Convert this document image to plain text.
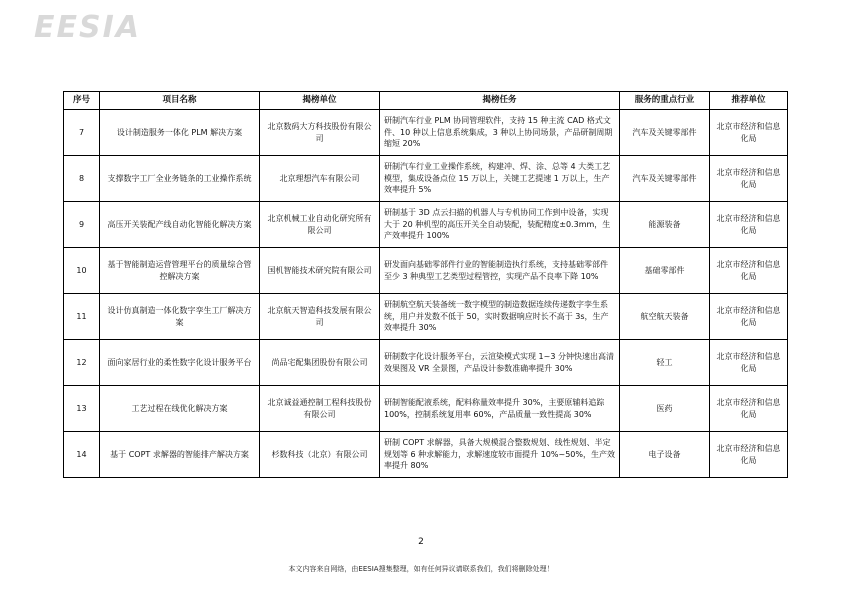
EESIA
序号	项目名称	揭榜单位	揭榜任务	服务的重点行业	推荐单位
7	设计制造服务一体化 PLM 解决方案	北京数码大方科技股份有限公司	研制汽车行业 PLM 协同管理软件，支持 15 种主流 CAD 格式文件、10 种以上信息系统集成，3 种以上协同场景，产品研制周期缩短 20%	汽车及关键零部件	北京市经济和信息化局
8	支撑数字工厂全业务链条的工业操作系统	北京理想汽车有限公司	研制汽车行业工业操作系统，构建冲、焊、涂、总等 4 大类工艺模型，集成设备点位 15 万以上，关键工艺提速 1 万以上，生产效率提升 5%	汽车及关键零部件	北京市经济和信息化局
9	高压开关装配产线自动化智能化解决方案	北京机械工业自动化研究所有限公司	研制基于 3D 点云扫描的机器人与专机协同工作到中设备，实现大于 20 种机型的高压开关全自动装配，装配精度±0.3mm，生产效率提升 100%	能源装备	北京市经济和信息化局
10	基于智能制造运营管理平台的质量综合管控解决方案	国机智能技术研究院有限公司	研发面向基础零部件行业的智能制造执行系统，支持基础零部件至少 3 种典型工艺类型过程管控，实现产品不良率下降 10%	基础零部件	北京市经济和信息化局
11	设计仿真制造一体化数字孪生工厂解决方案	北京航天智造科技发展有限公司	研制航空航天装备统一数字模型的制造数据连续传递数字孪生系统，用户并发数不低于 50，实时数据响应时长不高于 3s，生产效率提升 30%	航空航天装备	北京市经济和信息化局
12	面向家居行业的柔性数字化设计服务平台	尚品宅配集团股份有限公司	研制数字化设计服务平台，云渲染模式实现 1~3 分钟快速出高清效果图及 VR 全景图，产品设计参数准确率提升 30%	轻工	北京市经济和信息化局
13	工艺过程在线优化解决方案	北京诚益通控制工程科技股份有限公司	研制智能配液系统，配料称量效率提升 30%，主要原辅料追踪 100%，控制系统复用率 60%，产品质量一致性提高 30%	医药	北京市经济和信息化局
14	基于 COPT 求解器的智能排产解决方案	杉数科技（北京）有限公司	研制 COPT 求解器，具备大规模混合整数规划、线性规划、半定规划等 6 种求解能力，求解速度较市面提升 10%~50%，生产效率提升 80%	电子设备	北京市经济和信息化局
2
本文内容来自网络，由EESIA搜集整理，如有任何异议请联系我们，我们将删除处理！
